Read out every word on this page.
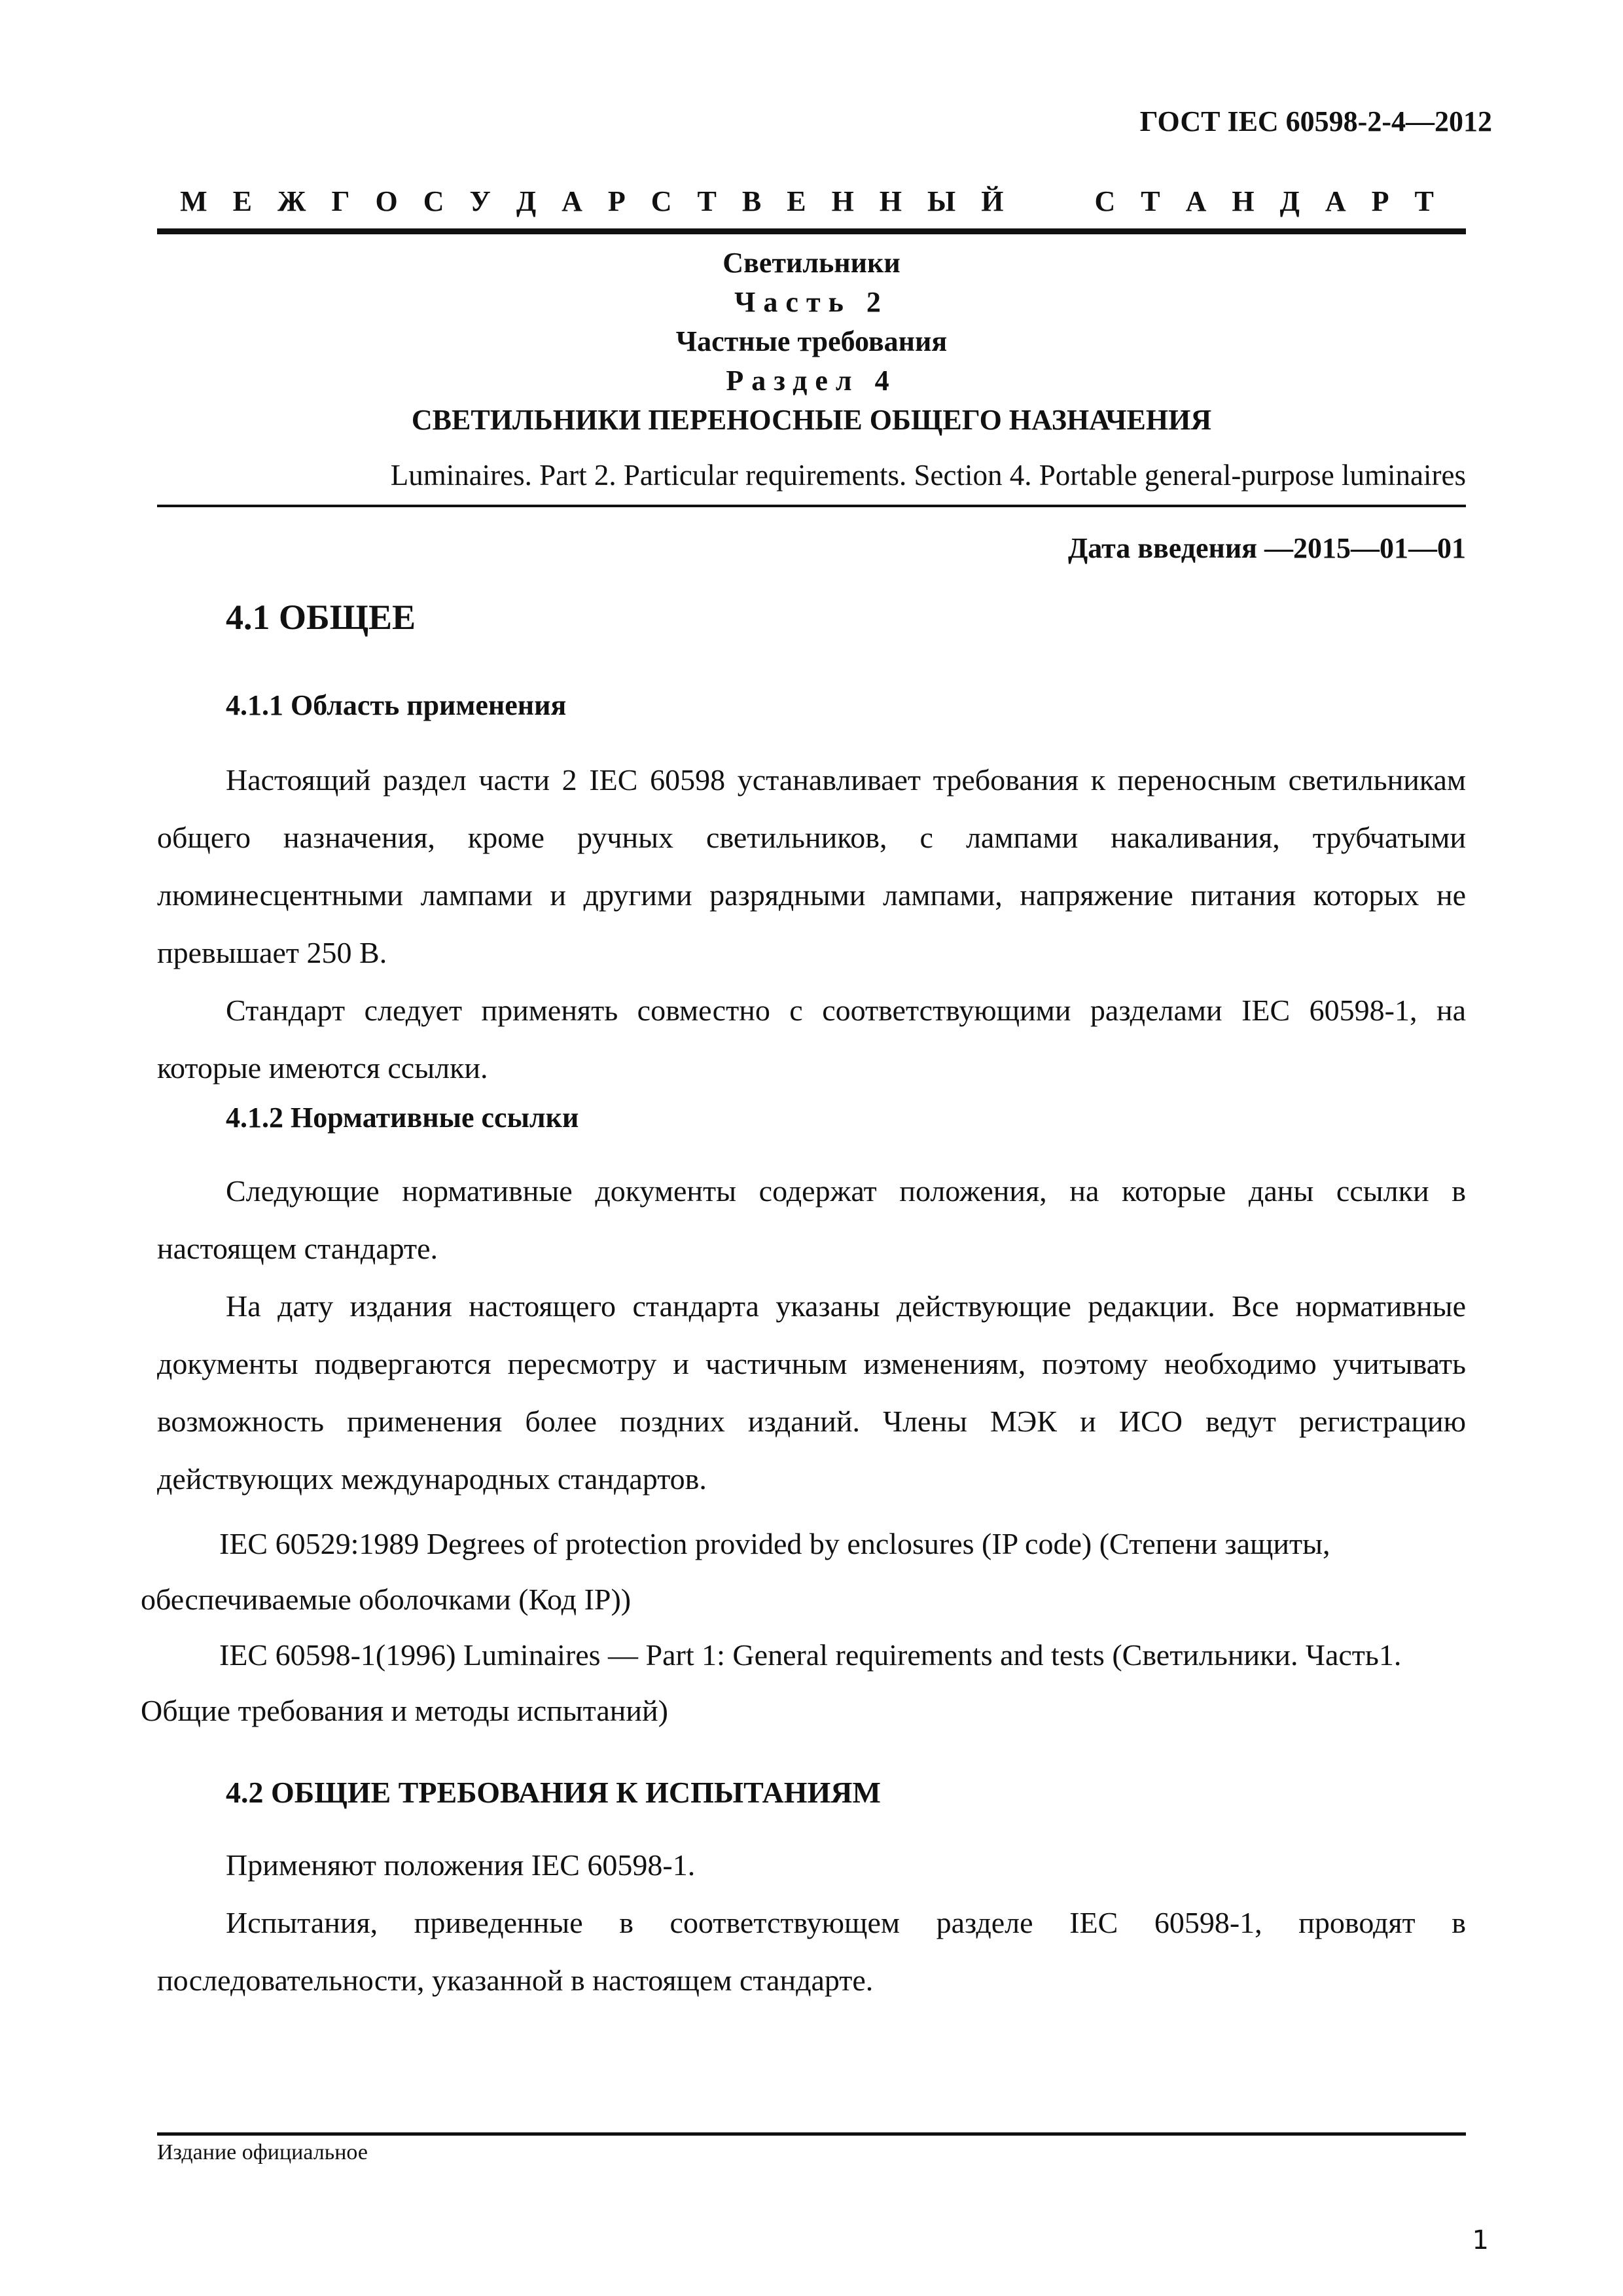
ГОСТ IEC 60598-2-4—2012
М Е Ж Г О С У Д А Р С Т В Е Н Н Ы Й     С Т А Н Д А Р Т
Светильники
Часть 2
Частные требования
Раздел 4
СВЕТИЛЬНИКИ ПЕРЕНОСНЫЕ ОБЩЕГО НАЗНАЧЕНИЯ
Luminaires. Part 2. Particular requirements. Section 4. Portable general-purpose luminaires
Дата введения —2015—01—01
4.1 ОБЩЕЕ
4.1.1 Область применения

Настоящий раздел части 2 IEC 60598 устанавливает требования к переносным светильникам общего назначения, кроме ручных светильников, с лампами накаливания, трубчатыми люминесцентными лампами и другими разрядными лампами, напряжение питания которых не превышает 250 В.

Стандарт следует применять совместно с соответствующими разделами IEC 60598-1, на которые имеются ссылки.

4.1.2 Нормативные ссылки

Следующие нормативные документы содержат положения, на которые даны ссылки в настоящем стандарте.

На дату издания настоящего стандарта указаны действующие редакции. Все нормативные документы подвергаются пересмотру и частичным изменениям, поэтому необходимо учитывать возможность применения более поздних изданий. Члены МЭК и ИСО ведут регистрацию действующих международных стандартов.

IEC 60529:1989 Degrees of protection provided by enclosures (IP code) (Степени защиты, обеспечиваемые оболочками (Код IP))

IEC 60598-1(1996) Luminaires — Part 1: General requirements and tests (Светильники. Часть1. Общие требования и методы испытаний)

4.2 ОБЩИЕ ТРЕБОВАНИЯ К ИСПЫТАНИЯМ

Применяют положения IEC 60598-1.

Испытания, приведенные в соответствующем разделе IEC 60598-1, проводят в последовательности, указанной в настоящем стандарте.

Издание официальное
1
